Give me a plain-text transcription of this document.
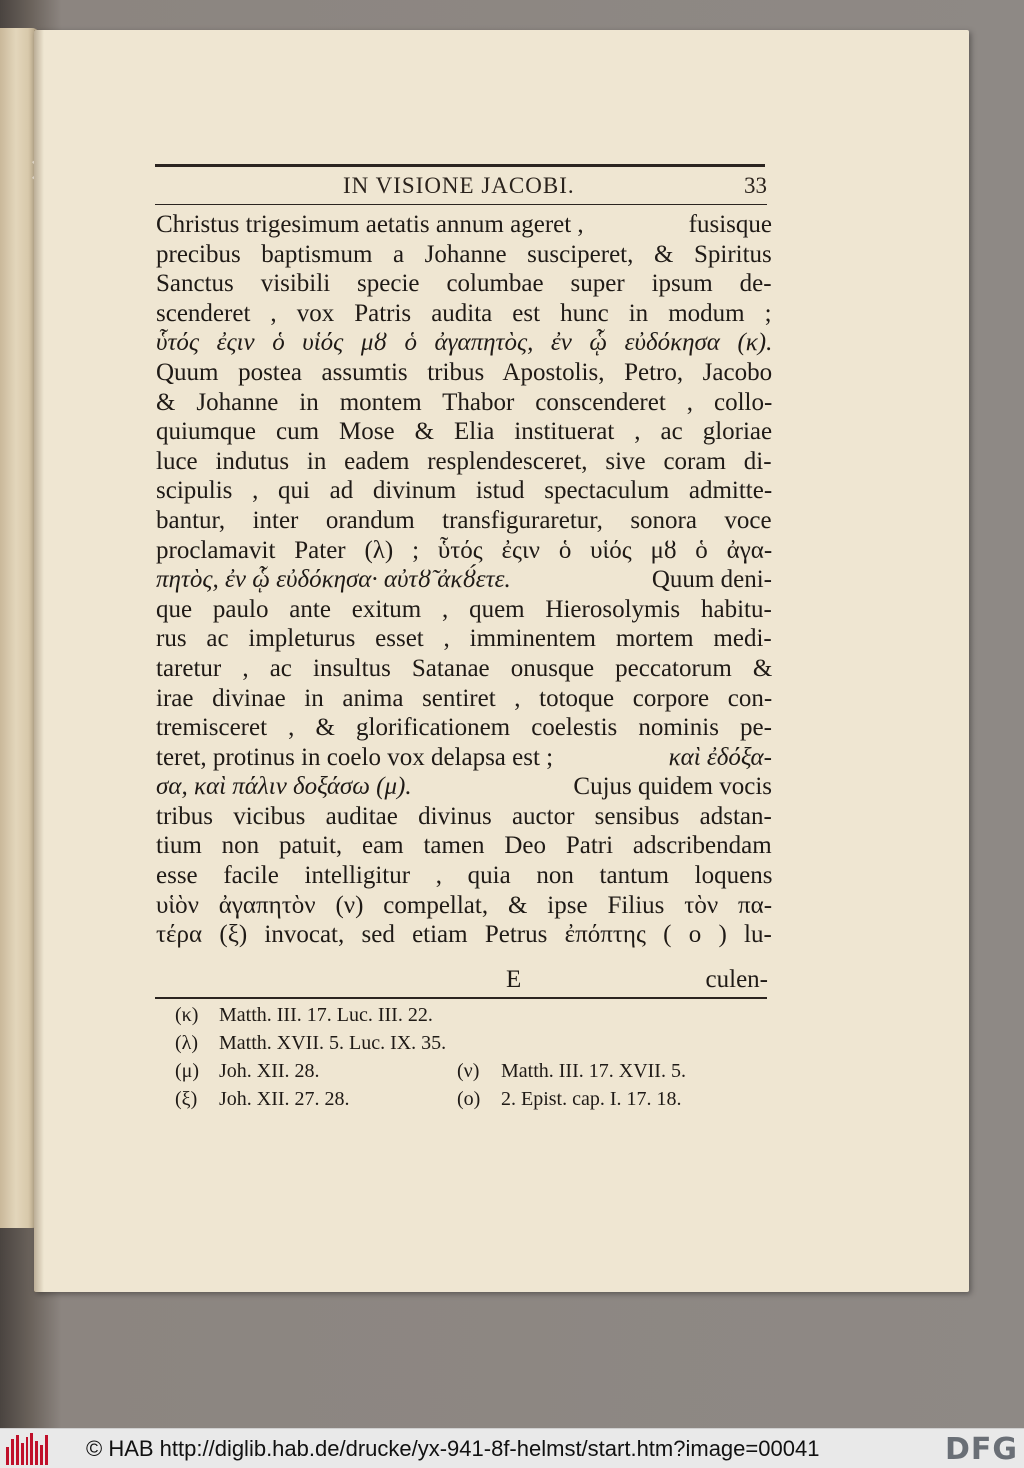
IN VISIONE JACOBI.	33
Christus trigesimum aetatis annum ageret ,	fusisque
precibus baptismum a Johanne susciperet, & Spiritus
Sanctus visibili specie columbae super ipsum de-
scenderet , vox Patris audita est hunc in modum ;
ὗτός ἐςιν ὁ υἱός μȣ ὁ ἀγαπητὸς, ἐν ᾧ εὐδόκησα (κ).
Quum postea assumtis tribus Apostolis, Petro, Jacobo
& Johanne in montem Thabor conscenderet , collo-
quiumque cum Mose & Elia instituerat , ac gloriae
luce indutus in eadem resplendesceret, sive coram di-
scipulis , qui ad divinum istud spectaculum admitte-
bantur, inter orandum transfiguraretur, sonora voce
proclamavit Pater (λ) ; ὗτός ἐςιν ὁ υἱός μȣ ὁ ἀγα-
πητὸς, ἐν ᾧ εὐδόκησα· αὐτȣ̃ ἀκȣ́ετε.	Quum deni-
que paulo ante exitum , quem Hierosolymis habitu-
rus ac impleturus esset , imminentem mortem medi-
taretur , ac insultus Satanae onusque peccatorum &
irae divinae in anima sentiret , totoque corpore con-
tremisceret , & glorificationem coelestis nominis pe-
teret, protinus in coelo vox delapsa est ;	καὶ ἐδόξα-
σα, καὶ πάλιν δοξάσω (μ).	Cujus quidem vocis
tribus vicibus auditae divinus auctor sensibus adstan-
tium non patuit, eam tamen Deo Patri adscribendam
esse facile intelligitur , quia non tantum loquens
υἱὸν ἀγαπητὸν (ν) compellat, & ipse Filius τὸν πα-
τέρα (ξ) invocat, sed etiam Petrus ἐπόπτης ( ο ) lu-
E	culen-
(κ) Matth. III. 17. Luc. III. 22.
(λ) Matth. XVII. 5. Luc. IX. 35.
(μ) Joh. XII. 28.	(ν) Matth. III. 17. XVII. 5.
(ξ) Joh. XII. 27. 28.	(ο) 2. Epist. cap. I. 17. 18.
© HAB http://diglib.hab.de/drucke/yx-941-8f-helmst/start.htm?image=00041	DFG
